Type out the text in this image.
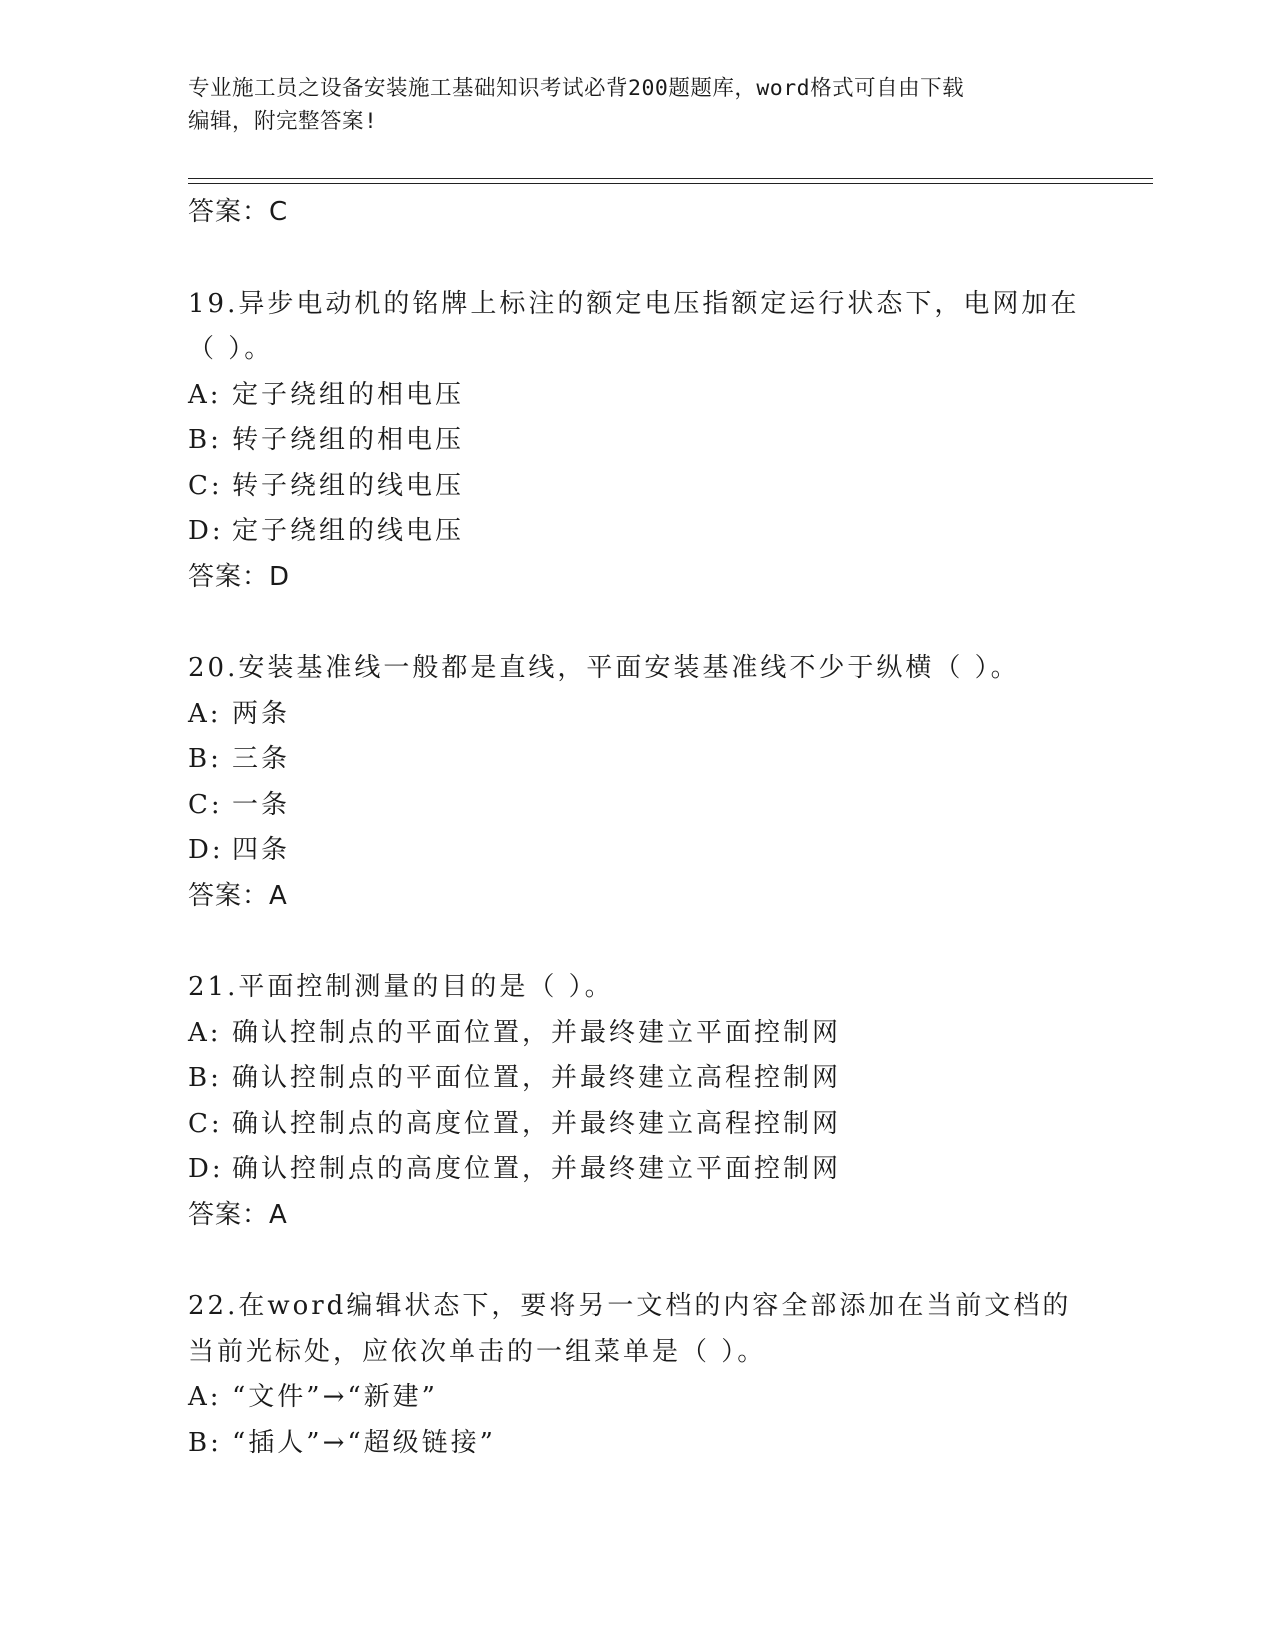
专业施工员之设备安装施工基础知识考试必背200题题库，word格式可自由下载
编辑，附完整答案!
答案：C
19.异步电动机的铭牌上标注的额定电压指额定运行状态下，电网加在
（ ）。
A: 定子绕组的相电压
B: 转子绕组的相电压
C: 转子绕组的线电压
D: 定子绕组的线电压
答案：D
20.安装基准线一般都是直线，平面安装基准线不少于纵横（ ）。
A: 两条
B: 三条
C: 一条
D: 四条
答案：A
21.平面控制测量的目的是（ ）。
A: 确认控制点的平面位置，并最终建立平面控制网
B: 确认控制点的平面位置，并最终建立高程控制网
C: 确认控制点的高度位置，并最终建立高程控制网
D: 确认控制点的高度位置，并最终建立平面控制网
答案：A
22.在word编辑状态下，要将另一文档的内容全部添加在当前文档的
当前光标处，应依次单击的一组菜单是（ ）。
A: “文件”→“新建”
B: “插人”→“超级链接”
